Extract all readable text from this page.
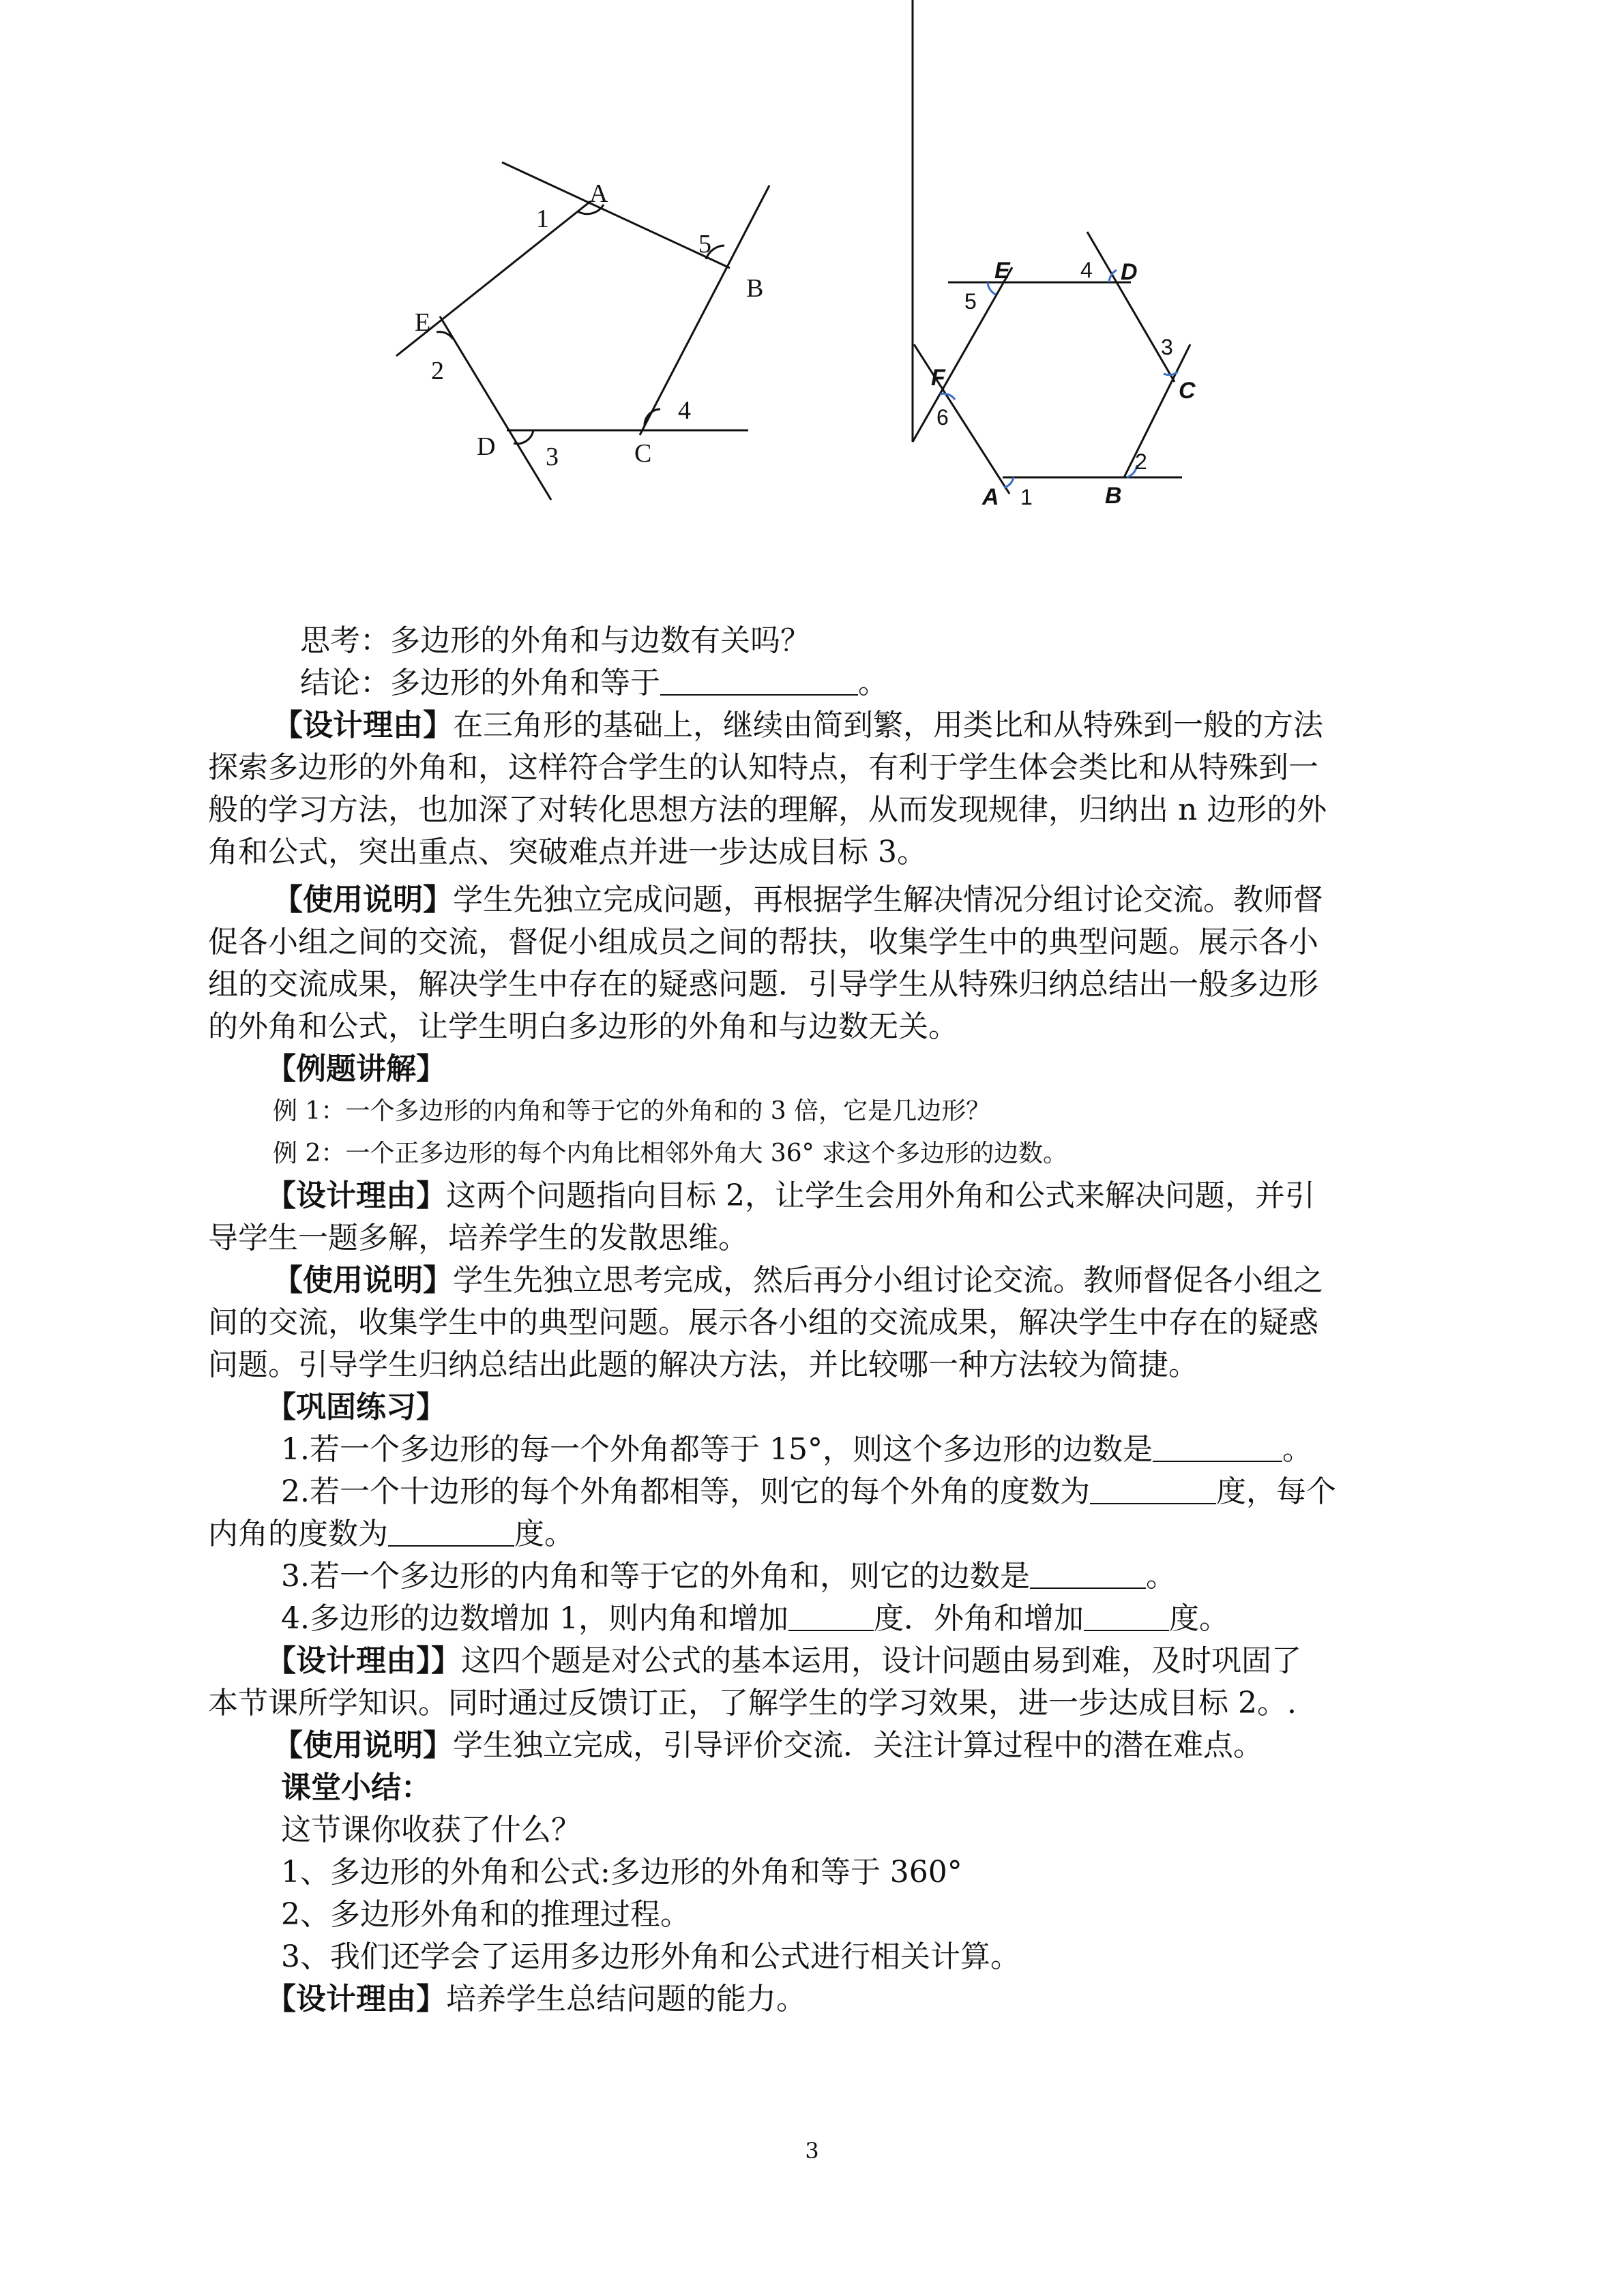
A
B
C
D
E
1
2
3
4
5
E	D
C
B
A
F
1
2
3
4
5
6
思考：多边形的外角和与边数有关吗？
结论：多边形的外角和等于	。
【设计理由】在三角形的基础上，继续由简到繁，用类比和从特殊到一般的方法
探索多边形的外角和，这样符合学生的认知特点，有利于学生体会类比和从特殊到一
般的学习方法，也加深了对转化思想方法的理解，从而发现规律，归纳出 n 边形的外
角和公式，突出重点、突破难点并进一步达成目标 3。
【使用说明】学生先独立完成问题，再根据学生解决情况分组讨论交流。教师督
促各小组之间的交流，督促小组成员之间的帮扶，收集学生中的典型问题。展示各小
组的交流成果，解决学生中存在的疑惑问题．引导学生从特殊归纳总结出一般多边形
的外角和公式，让学生明白多边形的外角和与边数无关。
【例题讲解】
例 1：一个多边形的内角和等于它的外角和的 3 倍，它是几边形？
例 2：一个正多边形的每个内角比相邻外角大 36° 求这个多边形的边数。
【设计理由】这两个问题指向目标 2，让学生会用外角和公式来解决问题，并引
导学生一题多解，培养学生的发散思维。
【使用说明】学生先独立思考完成，然后再分小组讨论交流。教师督促各小组之
间的交流，收集学生中的典型问题。展示各小组的交流成果，解决学生中存在的疑惑
问题。引导学生归纳总结出此题的解决方法，并比较哪一种方法较为简捷。
【巩固练习】
1.若一个多边形的每一个外角都等于 15°，则这个多边形的边数是	。
2.若一个十边形的每个外角都相等，则它的每个外角的度数为	度，每个
内角的度数为	度。
3.若一个多边形的内角和等于它的外角和，则它的边数是	。
4.多边形的边数增加 1，则内角和增加	度．外角和增加	度。
【设计理由】】这四个题是对公式的基本运用，设计问题由易到难，及时巩固了
本节课所学知识。同时通过反馈订正，了解学生的学习效果，进一步达成目标 2。.
【使用说明】学生独立完成，引导评价交流．关注计算过程中的潜在难点。
课堂小结：
这节课你收获了什么？
1、多边形的外角和公式:多边形的外角和等于 360°
2、多边形外角和的推理过程。
3、我们还学会了运用多边形外角和公式进行相关计算。
【设计理由】培养学生总结问题的能力。
3
